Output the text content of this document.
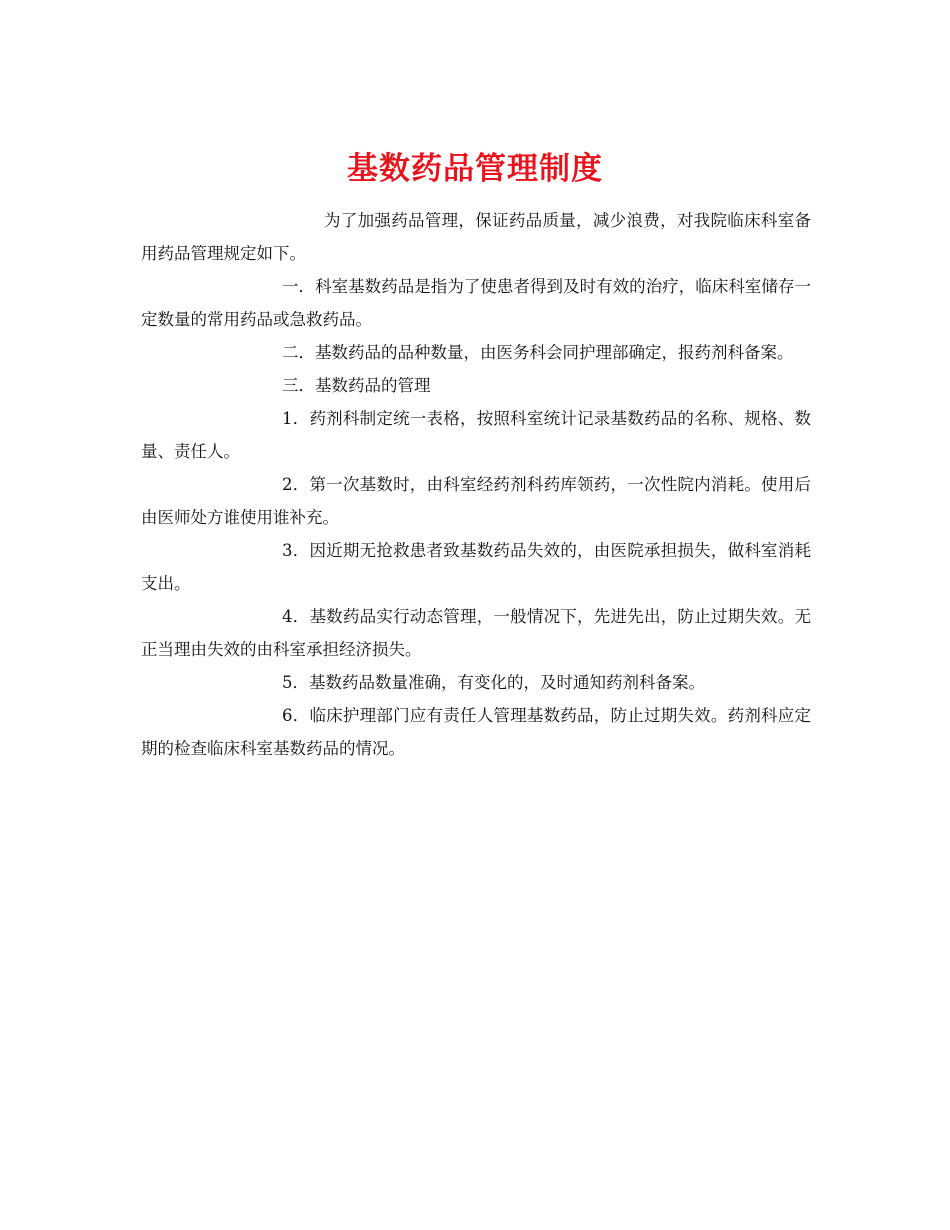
基数药品管理制度

为了加强药品管理，保证药品质量，减少浪费，对我院临床科室备用药品管理规定如下。

一．科室基数药品是指为了使患者得到及时有效的治疗，临床科室储存一定数量的常用药品或急救药品。

二．基数药品的品种数量，由医务科会同护理部确定，报药剂科备案。

三．基数药品的管理

1．药剂科制定统一表格，按照科室统计记录基数药品的名称、规格、数量、责任人。

2．第一次基数时，由科室经药剂科药库领药，一次性院内消耗。使用后由医师处方谁使用谁补充。

3．因近期无抢救患者致基数药品失效的，由医院承担损失，做科室消耗支出。

4．基数药品实行动态管理，一般情况下，先进先出，防止过期失效。无正当理由失效的由科室承担经济损失。

5．基数药品数量准确，有变化的，及时通知药剂科备案。

6．临床护理部门应有责任人管理基数药品，防止过期失效。药剂科应定期的检查临床科室基数药品的情况。
